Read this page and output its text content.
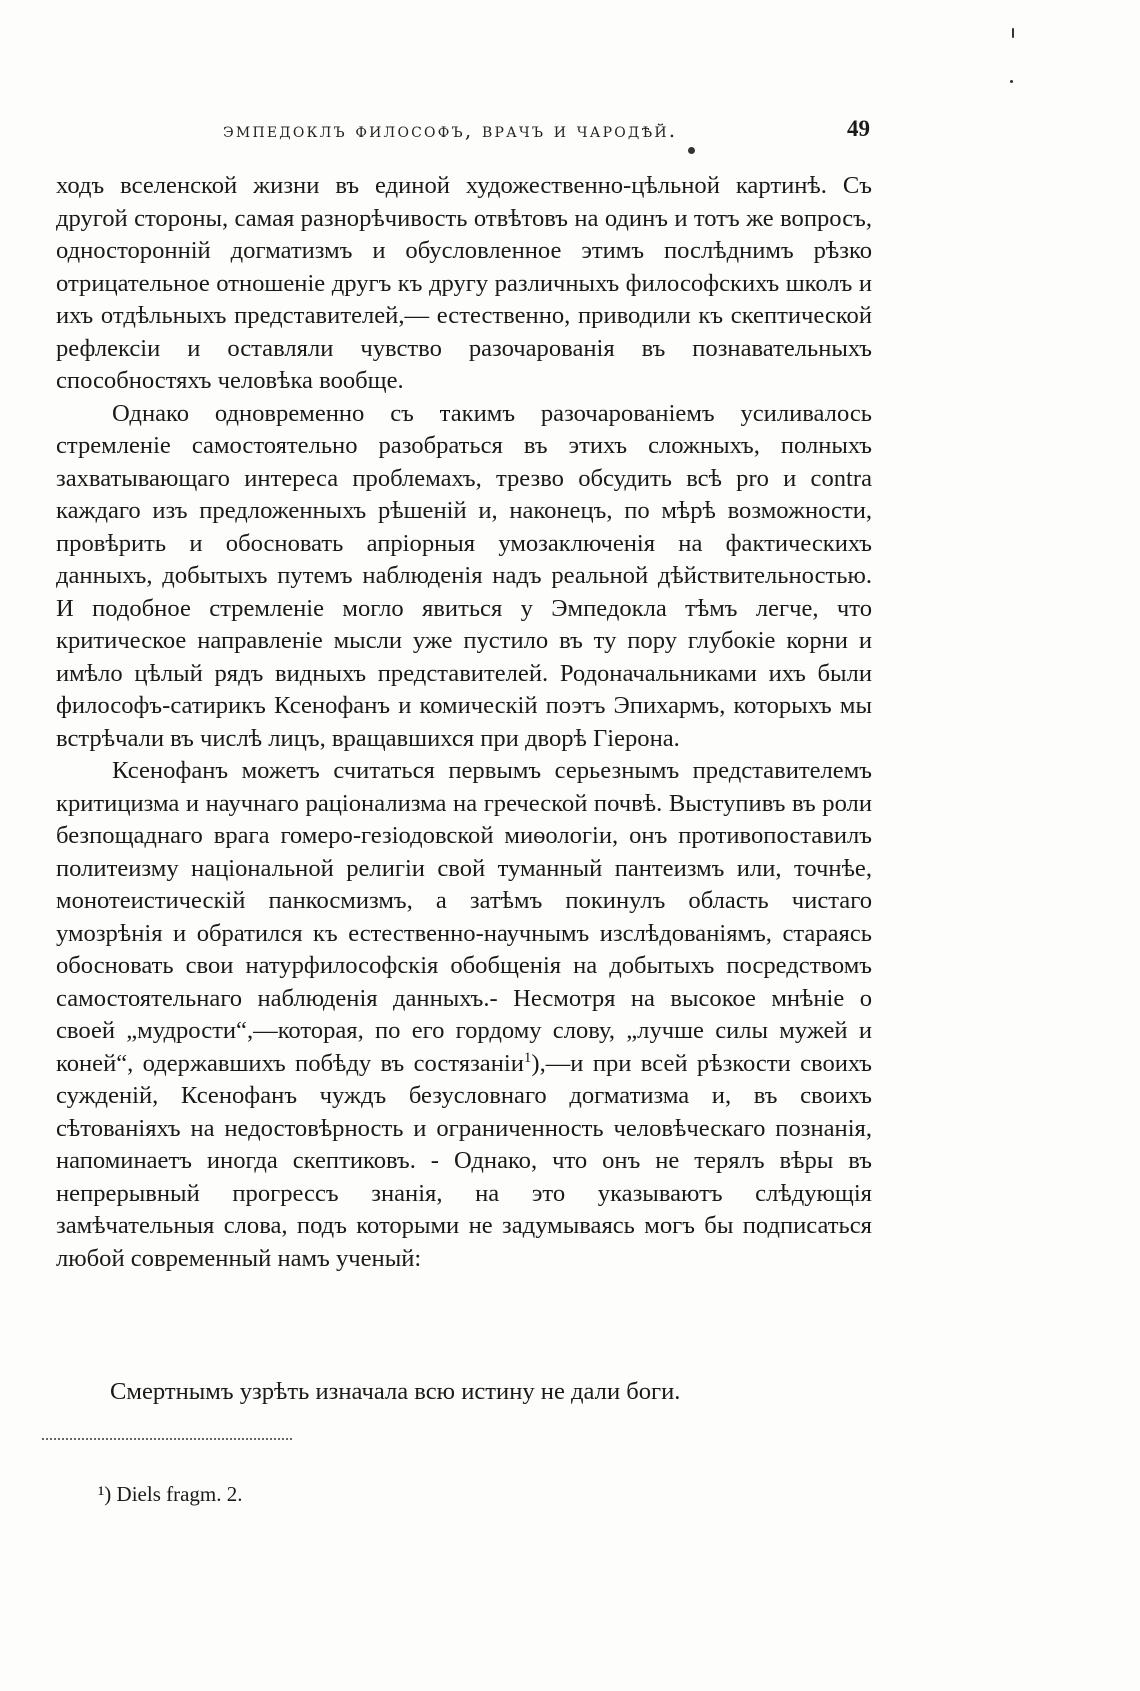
эмпедоклъ философъ, врачъ и чародѣй.	49

ходъ вселенской жизни въ единой художественно-цѣльной картинѣ. Съ другой стороны, самая разнорѣчивость отвѣтовъ на одинъ и тотъ же вопросъ, односторонній догматизмъ и обусловленное этимъ послѣднимъ рѣзко отрицательное отношеніе другъ къ другу различныхъ философскихъ школъ и ихъ отдѣльныхъ представителей,— естественно, приводили къ скептической рефлексіи и оставляли чувство разочарованія въ познавательныхъ способностяхъ человѣка вообще.

Однако одновременно съ такимъ разочарованіемъ усиливалось стремленіе самостоятельно разобраться въ этихъ сложныхъ, полныхъ захватывающаго интереса проблемахъ, трезво обсудить всѣ pro и contra каждаго изъ предложенныхъ рѣшеній и, наконецъ, по мѣрѣ возможности, провѣрить и обосновать апріорныя умозаключенія на фактическихъ данныхъ, добытыхъ путемъ наблюденія надъ реальной дѣйствительностью. И подобное стремленіе могло явиться у Эмпедокла тѣмъ легче, что критическое направленіе мысли уже пустило въ ту пору глубокіе корни и имѣло цѣлый рядъ видныхъ представителей. Родоначальниками ихъ были философъ-сатирикъ Ксенофанъ и комическій поэтъ Эпихармъ, которыхъ мы встрѣчали въ числѣ лицъ, вращавшихся при дворѣ Гіерона.

Ксенофанъ можетъ считаться первымъ серьезнымъ представителемъ критицизма и научнаго раціонализма на греческой почвѣ. Выступивъ въ роли безпощаднаго врага гомеро-гезіодовской миѳологіи, онъ противопоставилъ политеизму національной религіи свой туманный пантеизмъ или, точнѣе, монотеистическій панкосмизмъ, а затѣмъ покинулъ область чистаго умозрѣнія и обратился къ естественно-научнымъ изслѣдованіямъ, стараясь обосновать свои натурфилософскія обобщенія на добытыхъ посредствомъ самостоятельнаго наблюденія данныхъ.- Несмотря на высокое мнѣніе о своей „мудрости“,—которая, по его гордому слову, „лучше силы мужей и коней“, одержавшихъ побѣду въ состязаніи$^1$),—и при всей рѣзкости своихъ сужденій, Ксенофанъ чуждъ безусловнаго догматизма и, въ своихъ сѣтованіяхъ на недостовѣрность и ограниченность человѣческаго познанія, напоминаетъ иногда скептиковъ. - Однако, что онъ не терялъ вѣры въ непрерывный прогрессъ знанія, на это указываютъ слѣдующія замѣчательныя слова, подъ которыми не задумываясь могъ бы подписаться любой современный намъ ученый:

Смертнымъ узрѣть изначала всю истину не дали боги.
¹) Diels fragm. 2.
